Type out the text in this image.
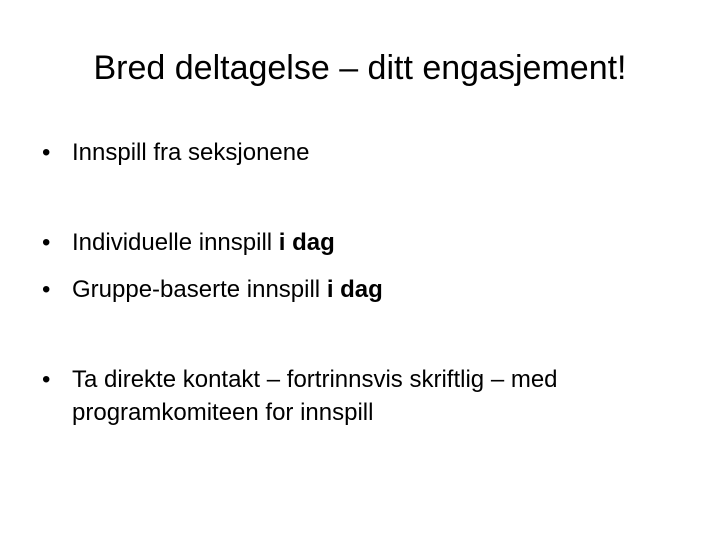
Bred deltagelse – ditt engasjement!
• Innspill fra seksjonene
• Individuelle innspill i dag
• Gruppe-baserte innspill i dag
• Ta direkte kontakt – fortrinnsvis skriftlig – med programkomiteen for innspill
